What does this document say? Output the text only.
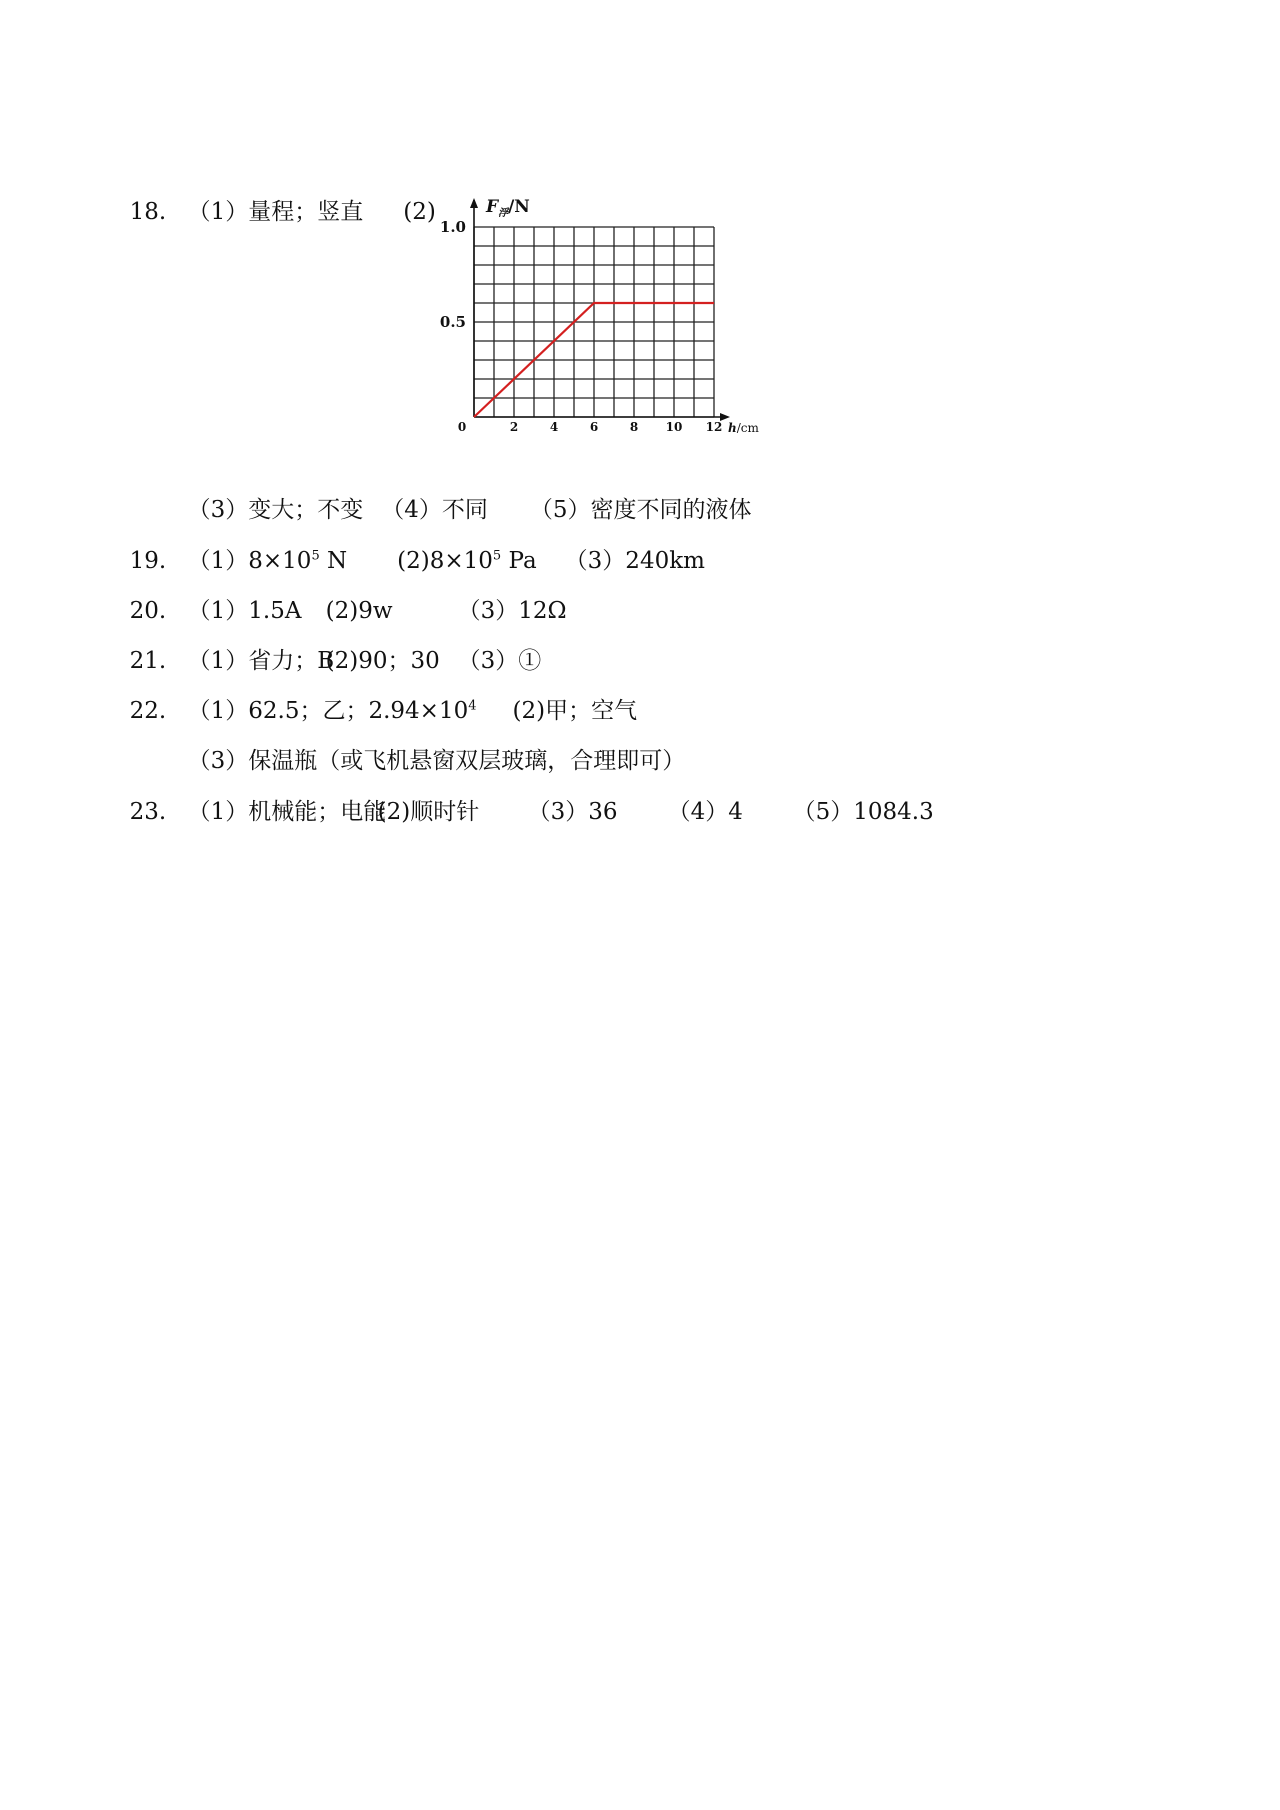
18. （1）量程；竖直 (2)

0	2	4	6	8 10 12
0.5
1.0
$F_浮/N$
h/cm

（3）变大；不变 （4）不同 （5）密度不同的液体

19. $(1)8\times 10^5$ N $(2)8\times 10^5$ Pa （3）240km

20. （1）1.5A (2)9w	（3）12Ω

21. （1）省力；B(2)90；30 （3）①

22. （1）62.5；乙；$2.94\times 10^4$ (2)甲；空气

（3）保温瓶（或飞机悬窗双层玻璃，合理即可）

23. （1）机械能；电能(2)顺时针 （3）36 （4）4 （5）1084.3
